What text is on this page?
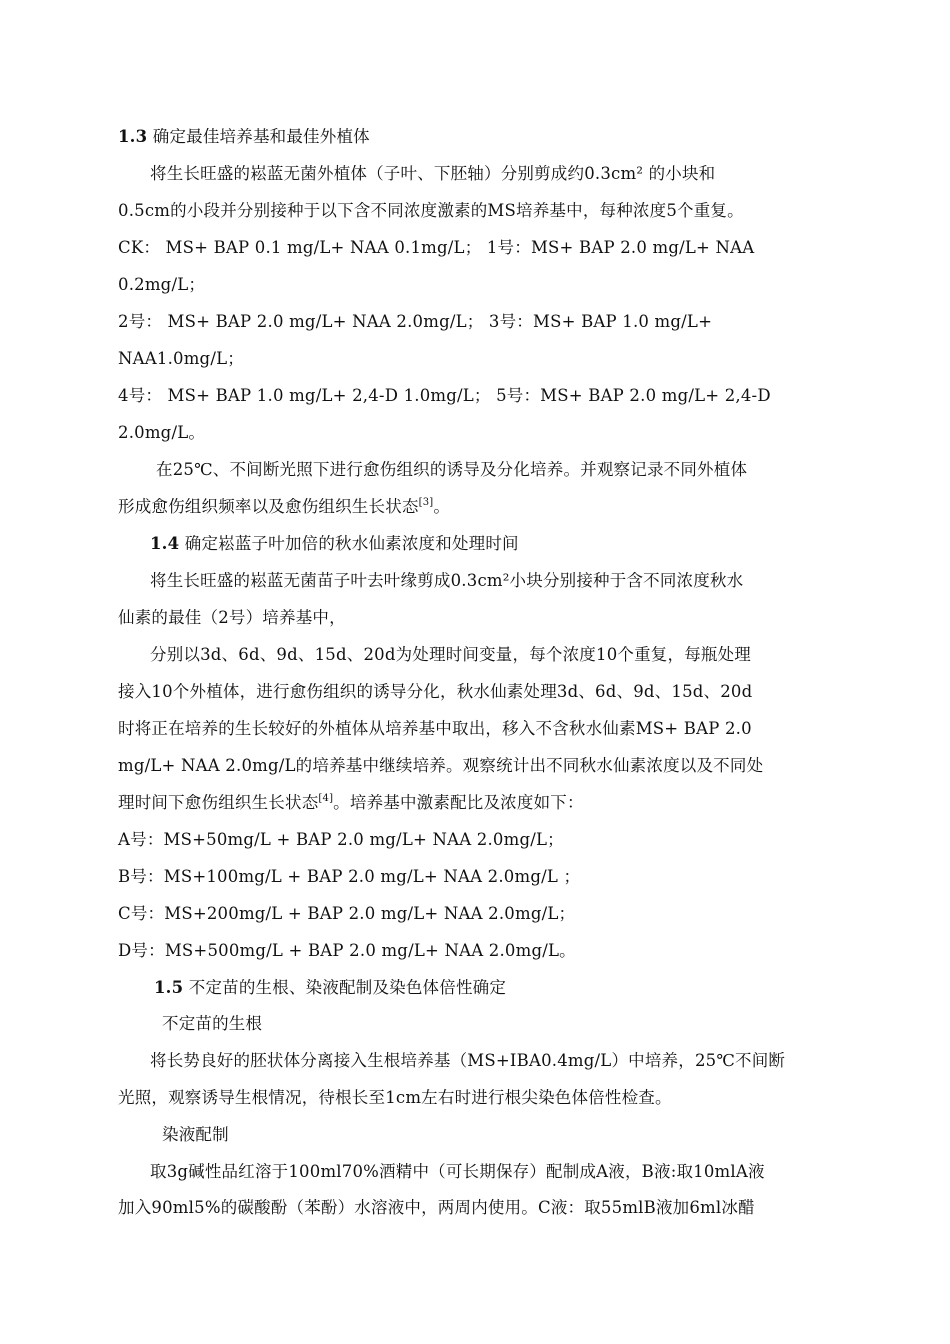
1.3 确定最佳培养基和最佳外植体
将生长旺盛的崧蓝无菌外植体（子叶、下胚轴）分别剪成约0.3cm² 的小块和
0.5cm的小段并分别接种于以下含不同浓度激素的MS培养基中，每种浓度5个重复。
CK： MS+ BAP 0.1 mg/L+ NAA 0.1mg/L； 1号：MS+ BAP 2.0 mg/L+ NAA
0.2mg/L；
2号： MS+ BAP 2.0 mg/L+ NAA 2.0mg/L； 3号：MS+ BAP 1.0 mg/L+
NAA1.0mg/L；
4号： MS+ BAP 1.0 mg/L+ 2,4-D 1.0mg/L； 5号：MS+ BAP 2.0 mg/L+ 2,4-D
2.0mg/L。
在25℃、不间断光照下进行愈伤组织的诱导及分化培养。并观察记录不同外植体
形成愈伤组织频率以及愈伤组织生长状态[3]。
1.4 确定崧蓝子叶加倍的秋水仙素浓度和处理时间
将生长旺盛的崧蓝无菌苗子叶去叶缘剪成0.3cm²小块分别接种于含不同浓度秋水
仙素的最佳（2号）培养基中，
分别以3d、6d、9d、15d、20d为处理时间变量，每个浓度10个重复，每瓶处理
接入10个外植体，进行愈伤组织的诱导分化，秋水仙素处理3d、6d、9d、15d、20d
时将正在培养的生长较好的外植体从培养基中取出，移入不含秋水仙素MS+ BAP 2.0
mg/L+ NAA 2.0mg/L的培养基中继续培养。观察统计出不同秋水仙素浓度以及不同处
理时间下愈伤组织生长状态[4]。培养基中激素配比及浓度如下：
A号：MS+50mg/L + BAP 2.0 mg/L+ NAA 2.0mg/L；
B号：MS+100mg/L + BAP 2.0 mg/L+ NAA 2.0mg/L ；
C号：MS+200mg/L + BAP 2.0 mg/L+ NAA 2.0mg/L；
D号：MS+500mg/L + BAP 2.0 mg/L+ NAA 2.0mg/L。
1.5 不定苗的生根、染液配制及染色体倍性确定
不定苗的生根
将长势良好的胚状体分离接入生根培养基（MS+IBA0.4mg/L）中培养，25℃不间断
光照，观察诱导生根情况，待根长至1cm左右时进行根尖染色体倍性检查。
染液配制
取3g碱性品红溶于100ml70%酒精中（可长期保存）配制成A液，B液:取10mlA液
加入90ml5%的碳酸酚（苯酚）水溶液中，两周内使用。C液：取55mlB液加6ml冰醋
